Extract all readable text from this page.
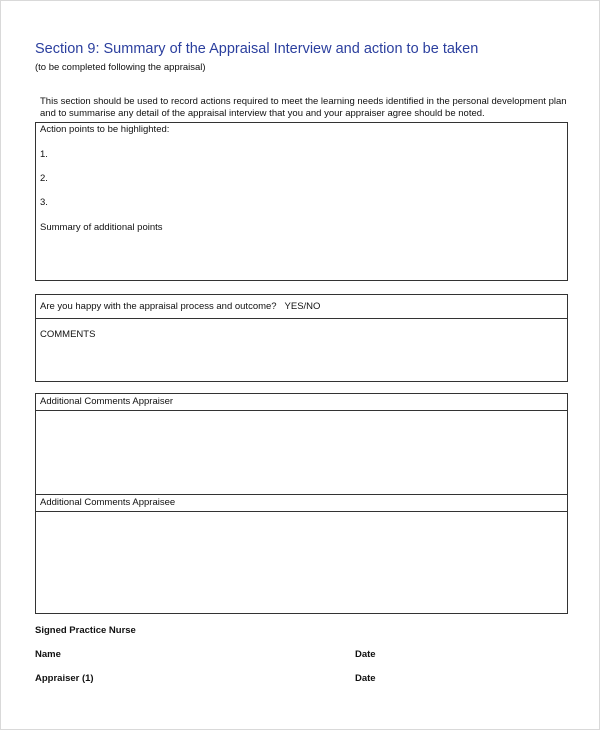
Section 9: Summary of the Appraisal Interview and action to be taken
(to be completed following the appraisal)
This section should be used to record actions required to meet the learning needs identified in the personal development plan and to summarise any detail of the appraisal interview that you and your appraiser agree should be noted.
Action points to be highlighted:
1.
2.
3.
Summary of additional points
Are you happy with the appraisal process and outcome? YES/NO
COMMENTS
Additional Comments Appraiser
Additional Comments Appraisee
Signed Practice Nurse
Name	Date
Appraiser (1)	Date
